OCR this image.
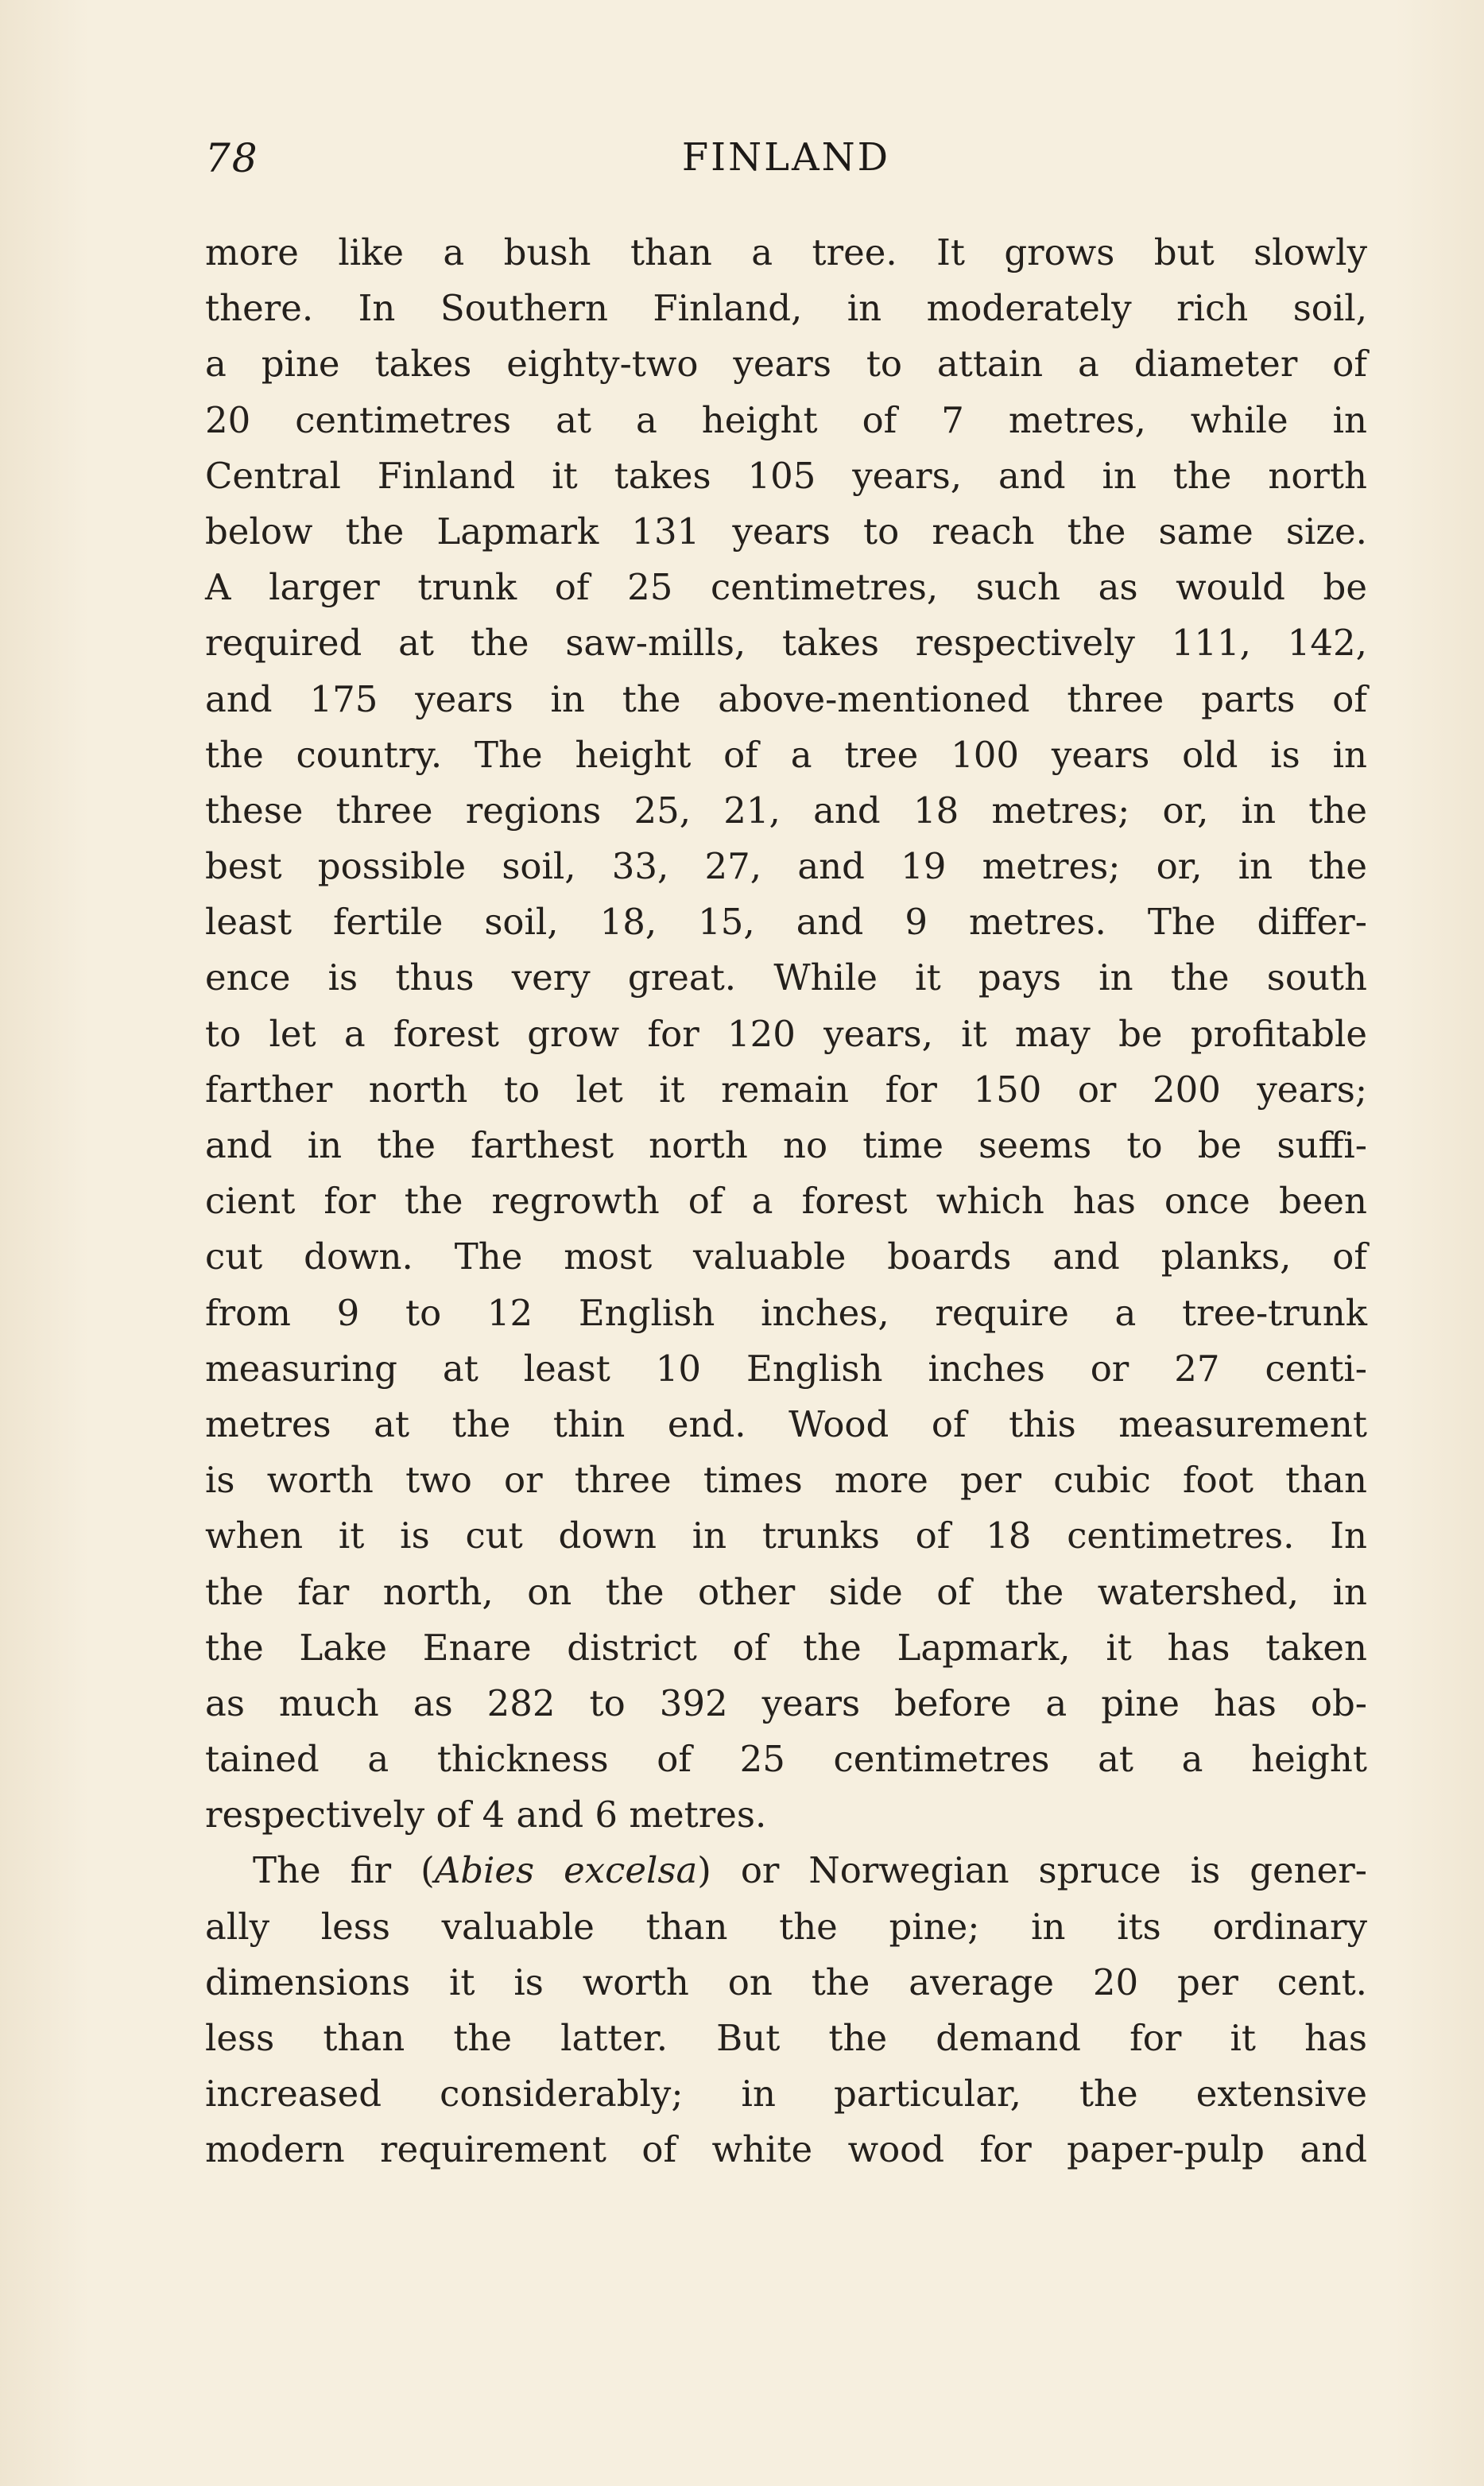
78	FINLAND
more like a bush than a tree. It grows but slowly
there. In Southern Finland, in moderately rich soil,
a pine takes eighty-two years to attain a diameter of
20 centimetres at a height of 7 metres, while in
Central Finland it takes 105 years, and in the north
below the Lapmark 131 years to reach the same size.
A larger trunk of 25 centimetres, such as would be
required at the saw-mills, takes respectively 111, 142,
and 175 years in the above-mentioned three parts of
the country. The height of a tree 100 years old is in
these three regions 25, 21, and 18 metres; or, in the
best possible soil, 33, 27, and 19 metres; or, in the
least fertile soil, 18, 15, and 9 metres. The differ-
ence is thus very great. While it pays in the south
to let a forest grow for 120 years, it may be profitable
farther north to let it remain for 150 or 200 years;
and in the farthest north no time seems to be suffi-
cient for the regrowth of a forest which has once been
cut down. The most valuable boards and planks, of
from 9 to 12 English inches, require a tree-trunk
measuring at least 10 English inches or 27 centi-
metres at the thin end. Wood of this measurement
is worth two or three times more per cubic foot than
when it is cut down in trunks of 18 centimetres. In
the far north, on the other side of the watershed, in
the Lake Enare district of the Lapmark, it has taken
as much as 282 to 392 years before a pine has ob-
tained a thickness of 25 centimetres at a height
respectively of 4 and 6 metres.
The fir (Abies excelsa) or Norwegian spruce is gener-
ally less valuable than the pine; in its ordinary
dimensions it is worth on the average 20 per cent.
less than the latter. But the demand for it has
increased considerably; in particular, the extensive
modern requirement of white wood for paper-pulp and
